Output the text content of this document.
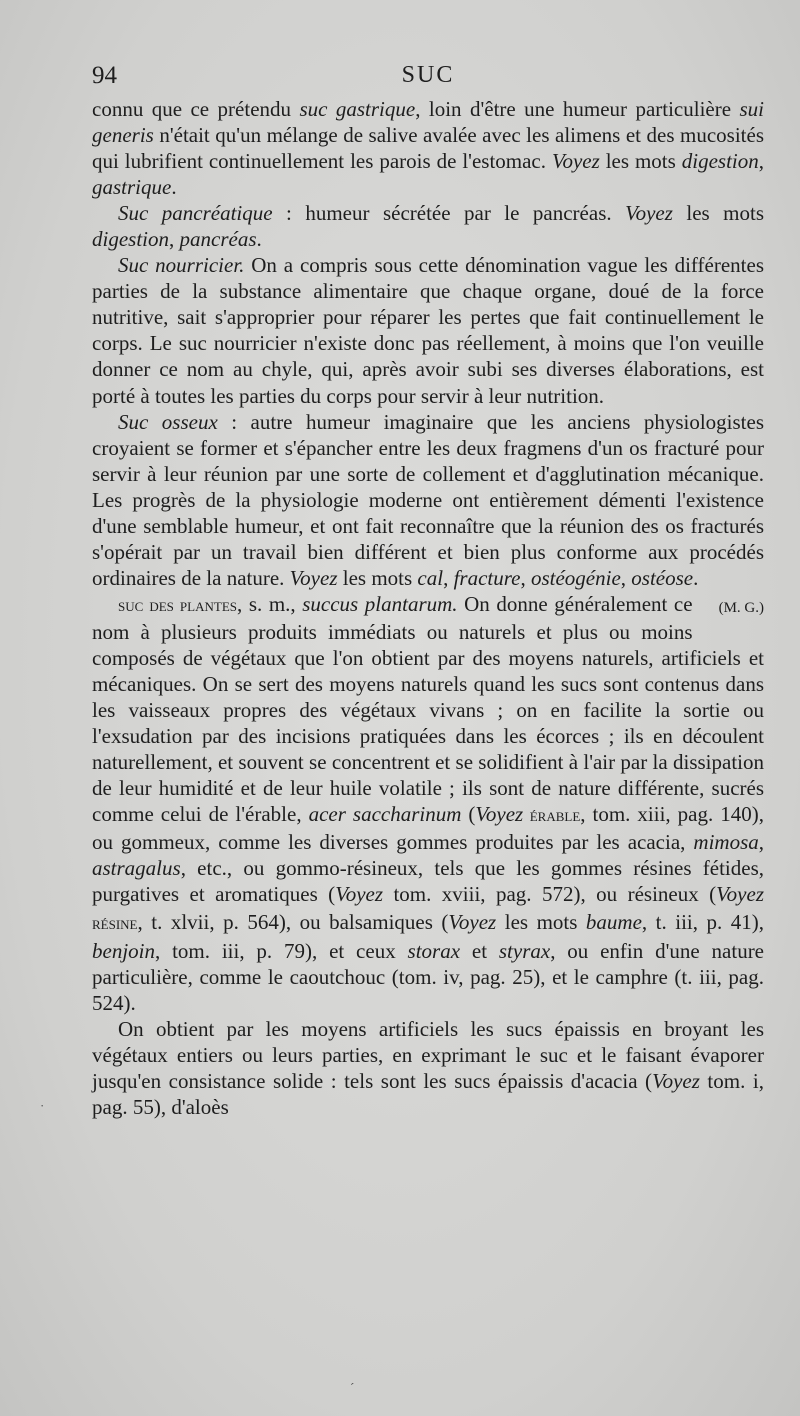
94	SUC

connu que ce prétendu suc gastrique, loin d'être une humeur particulière sui generis n'était qu'un mélange de salive avalée avec les alimens et des mucosités qui lubrifient continuellement les parois de l'estomac. Voyez les mots digestion, gastrique.

Suc pancréatique : humeur sécrétée par le pancréas. Voyez les mots digestion, pancréas.

Suc nourricier. On a compris sous cette dénomination vague les différentes parties de la substance alimentaire que chaque organe, doué de la force nutritive, sait s'approprier pour réparer les pertes que fait continuellement le corps. Le suc nourricier n'existe donc pas réellement, à moins que l'on veuille donner ce nom au chyle, qui, après avoir subi ses diverses élaborations, est porté à toutes les parties du corps pour servir à leur nutrition.

Suc osseux : autre humeur imaginaire que les anciens physiologistes croyaient se former et s'épancher entre les deux fragmens d'un os fracturé pour servir à leur réunion par une sorte de collement et d'agglutination mécanique. Les progrès de la physiologie moderne ont entièrement démenti l'existence d'une semblable humeur, et ont fait reconnaître que la réunion des os fracturés s'opérait par un travail bien différent et bien plus conforme aux procédés ordinaires de la nature. Voyez les mots cal, fracture, ostéogénie, ostéose.
(M. G.)

suc des plantes, s. m., succus plantarum. On donne généralement ce nom à plusieurs produits immédiats ou naturels et plus ou moins composés de végétaux que l'on obtient par des moyens naturels, artificiels et mécaniques. On se sert des moyens naturels quand les sucs sont contenus dans les vaisseaux propres des végétaux vivans ; on en facilite la sortie ou l'exsudation par des incisions pratiquées dans les écorces ; ils en découlent naturellement, et souvent se concentrent et se solidifient à l'air par la dissipation de leur humidité et de leur huile volatile ; ils sont de nature différente, sucrés comme celui de l'érable, acer saccharinum (Voyez érable, tom. xiii, pag. 140), ou gommeux, comme les diverses gommes produites par les acacia, mimosa, astragalus, etc., ou gommo-résineux, tels que les gommes résines fétides, purgatives et aromatiques (Voyez tom. xviii, pag. 572), ou résineux (Voyez résine, t. xlvii, p. 564), ou balsamiques (Voyez les mots baume, t. iii, p. 41), benjoin, tom. iii, p. 79), et ceux storax et styrax, ou enfin d'une nature particulière, comme le caoutchouc (tom. iv, pag. 25), et le camphre (t. iii, pag. 524).

On obtient par les moyens artificiels les sucs épaissis en broyant les végétaux entiers ou leurs parties, en exprimant le suc et le faisant évaporer jusqu'en consistance solide : tels sont les sucs épaissis d'acacia (Voyez tom. i, pag. 55), d'aloès

·
ˊ
